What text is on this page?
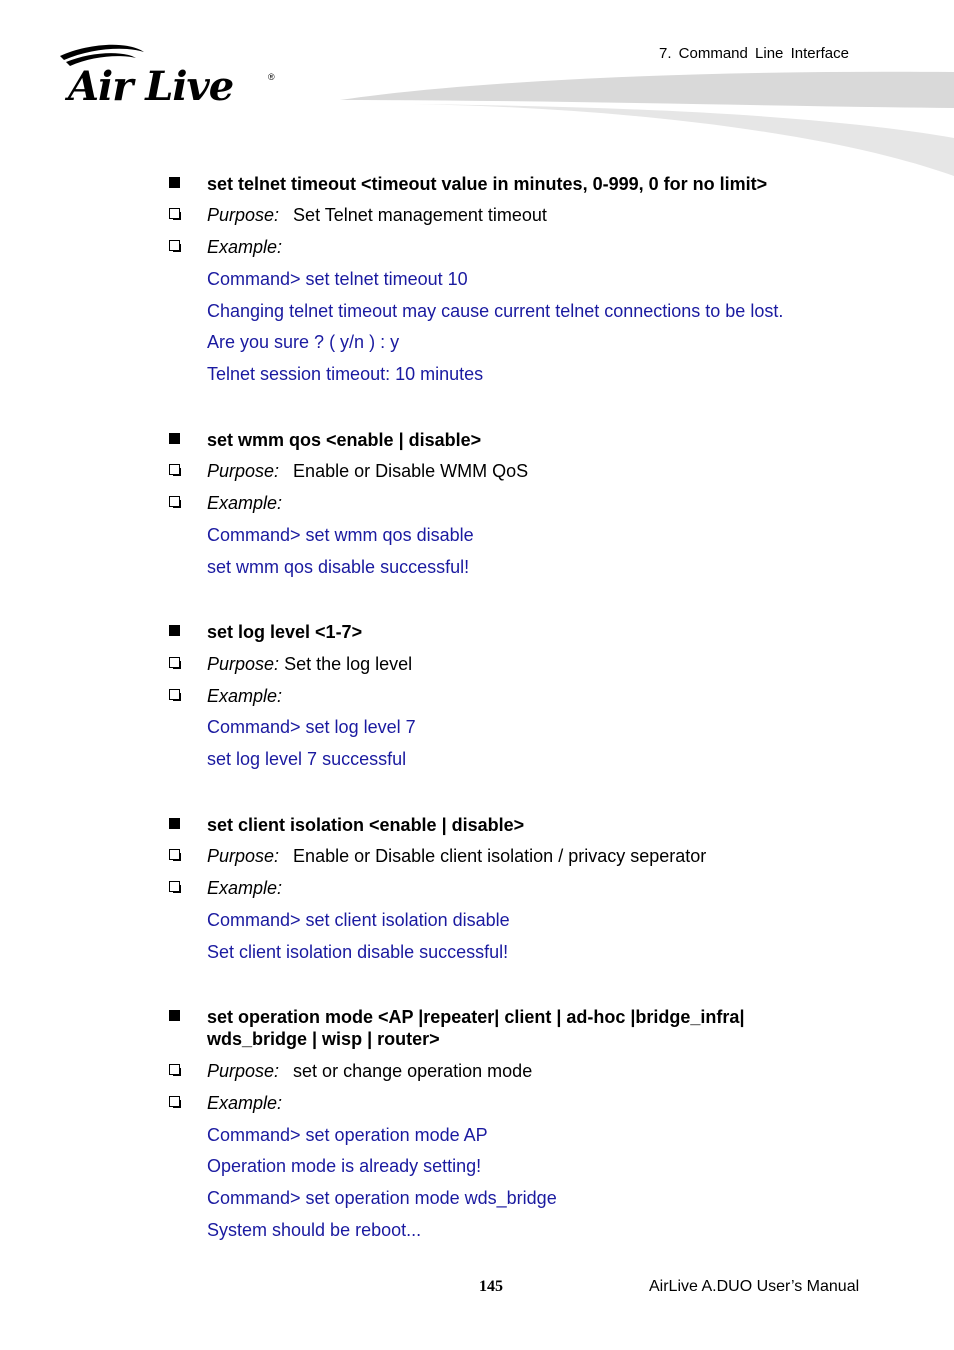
Air Live	®
7. Command Line Interface
set telnet timeout <timeout value in minutes, 0-999, 0 for no limit>
Purpose: Set Telnet management timeout
Example:
Command> set telnet timeout 10
Changing telnet timeout may cause current telnet connections to be lost.
Are you sure ? ( y/n ) : y
Telnet session timeout: 10 minutes
set wmm qos <enable | disable>
Purpose: Enable or Disable WMM QoS
Example:
Command> set wmm qos disable
set wmm qos disable successful!
set log level <1-7>
Purpose: Set the log level
Example:
Command> set log level 7
set log level 7 successful
set client isolation <enable | disable>
Purpose: Enable or Disable client isolation / privacy seperator
Example:
Command> set client isolation disable
Set client isolation disable successful!
set operation mode <AP |repeater| client | ad-hoc |bridge_infra|
wds_bridge | wisp | router>
Purpose: set or change operation mode
Example:
Command> set operation mode AP
Operation mode is already setting!
Command> set operation mode wds_bridge
System should be reboot...
145	AirLive A.DUO User’s Manual
